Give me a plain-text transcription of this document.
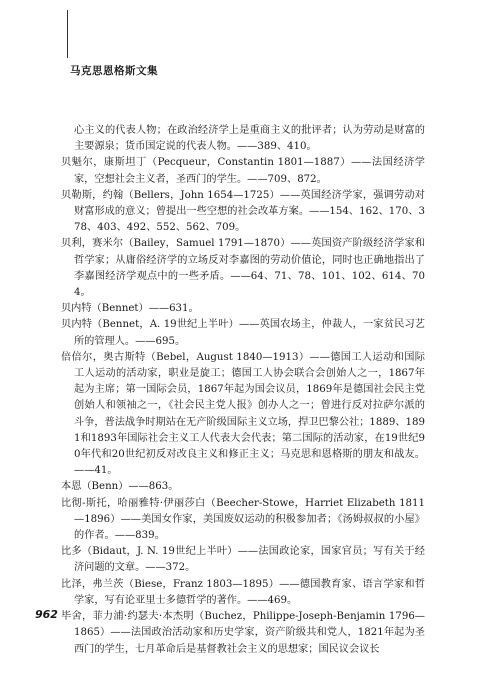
马克思恩格斯文集
心主义的代表人物；在政治经济学上是重商主义的批评者；认为劳动是财富的主要源泉；货币国定说的代表人物。——389、410。
贝魁尔，康斯坦丁（Pecqueur，Constantin 1801—1887）——法国经济学家，空想社会主义者，圣西门的学生。——709、872。
贝勒斯，约翰（Bellers，John 1654—1725）——英国经济学家，强调劳动对财富形成的意义；曾提出一些空想的社会改革方案。——154、162、170、378、403、492、552、562、709。
贝利，赛米尔（Bailey，Samuel 1791—1870）——英国资产阶级经济学家和哲学家；从庸俗经济学的立场反对李嘉图的劳动价值论，同时也正确地指出了李嘉图经济学观点中的一些矛盾。——64、71、78、101、102、614、704。
贝内特（Bennet）——631。
贝内特（Bennet，A. 19世纪上半叶）——英国农场主，仲裁人，一家贫民习艺所的管理人。——695。
倍倍尔，奥古斯特（Bebel，August 1840—1913）——德国工人运动和国际工人运动的活动家，职业是旋工；德国工人协会联合会创始人之一，1867年起为主席；第一国际会员，1867年起为国会议员，1869年是德国社会民主党创始人和领袖之一，《社会民主党人报》创办人之一；曾进行反对拉萨尔派的斗争，普法战争时期站在无产阶级国际主义立场，捍卫巴黎公社；1889、1891和1893年国际社会主义工人代表大会代表；第二国际的活动家，在19世纪90年代和20世纪初反对改良主义和修正主义；马克思和恩格斯的朋友和战友。——41。
本恩（Benn）——863。
比彻-斯托，哈丽雅特·伊丽莎白（Beecher-Stowe，Harriet Elizabeth 1811—1896）——美国女作家，美国废奴运动的积极参加者；《汤姆叔叔的小屋》的作者。——839。
比多（Bidaut，J. N. 19世纪上半叶）——法国政论家，国家官员；写有关于经济问题的文章。——372。
比泽，弗兰茨（Biese，Franz 1803—1895）——德国教育家、语言学家和哲学家，写有论亚里士多德哲学的著作。——469。
毕舍，菲力浦·约瑟夫·本杰明（Buchez，Philippe-Joseph-Benjamin 1796—1865）——法国政治活动家和历史学家，资产阶级共和党人，1821年起为圣西门的学生，七月革命后是基督教社会主义的思想家；国民议会议长
962
